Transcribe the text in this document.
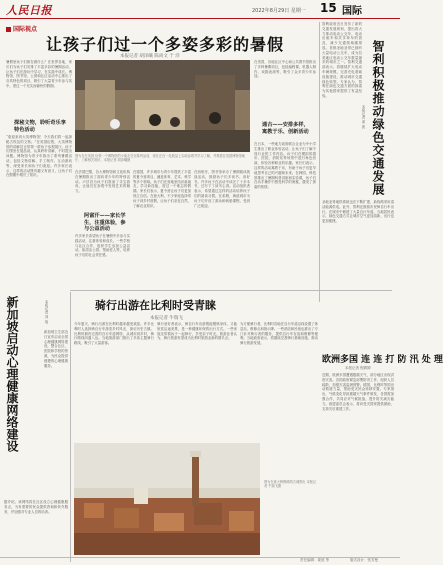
人民日报	2022年8月29日 星期一 15 国际
国际视点
让孩子们过一个多姿多彩的暑假
本报记者 胡泽曦 陈尚文 于 洋
暑假里孩子们都在做什么？在世界各地，家长们为孩子们安排了丰富多彩的暑期活动，让孩子们在游玩中学习，在实践中成长。博物馆、图书馆、公园和社区活动中心推出了各具特色的项目，吸引了大量青少年参与其中，度过一个充实而愉快的假期。
探秘文物，聆听奇乐享特色活动
“欢迎来到大英博物馆！今天我们将一起探秘古埃及的文物。”在英国伦敦，大英博物馆的讲解员正带领一群孩子参观展厅。孩子们围坐在展品前，认真聆听讲解，不时提出问题。博物馆为青少年推出了系列暑期活动，包括文物讲解、手工制作、互动游戏等，深受家长和孩子们欢迎。许多家长表示，这样的活动既有趣又有意义，让孩子们在假期中增长了知识。
图为在在英国 伦敦一个博物馆的小朋友在在陈列品前，现在正在一处展品上实地参观并学习了解，并观看在英国博物馆地厅，了解相关知识，本报记者 胡泽曦摄
在法国巴黎，各大博物馆和文化机构在暑期推出了面向青少年的特别活动。卢浮宫为孩子们准备了寻宝游戏，让他们在参观中发现艺术的魅力。
阿富汗——家长学生，注重体验，参与公益活动
许多家长希望孩子在暑假中多参与实践活动，注重体验和成长。一些学校与社区合作，组织学生参加公益活动，如清洁公园、帮助老人等，培养孩子们的社会责任感。
在德国，许多城市为青少年提供了丰富的夏令营项目，涵盖体育、艺术、科学等多个领域。孩子们在营地里结识新朋友，学习新技能，度过一个难忘的假期。家长们表示，夏令营让孩子们更加独立自信。在意大利，不少家庭选择带孩子到乡村度假，让孩子们亲近自然，了解农业知识。
在西班牙，图书馆举办了暑期阅读挑战活动，鼓励孩子们多读书、读好书。许多孩子在活动中读完了十多本书，还写下了读书心得。活动组织者表示，希望通过这样的活动培养孩子们的阅读习惯。在希腊，海滨城市为孩子们开设了游泳和帆船课程，受到广泛欢迎。
在美国，各地社区中心和公共图书馆推出了多种暑期项目，包括编程课、机器人制作、戏剧表演等，吸引了众多青少年参加。
通古——安排多样，寓教于乐、创新活动
在日本，一些地方政府联合企业为中小学生推出了职业体验活动，让孩子们了解不同行业的工作内容。孩子们在模拟的超市、医院、消防站等场景中进行角色扮演，体验各种职业的乐趣。家长们表示，这样的活动寓教于乐，有助于孩子们更早地思考自己的兴趣和未来。在韩国，科技馆推出了暑期科普讲座和实验课，孩子们在动手操作中感受科学的奥秘，激发了探索的热情。
智利政府近日发布了新的交通发展规划，提出将大力推动电动公交车、电动出租车和共享单车的普及，减少交通领域碳排放。首都圣地亚哥已拥有大量电动公交车，成为拉美地区电动公交车数量最多的城市之一。智利交通部表示，将继续扩大电动车辆规模，完善充电基础设施建设，推动城市交通绿色转型。专家认为，智利在绿色交通方面的探索为其他国家提供了有益经验。	智利积极推动绿色交通发展
本报记者 姜 波
圣地亚哥地铁系统也在不断扩建，新线路采用清洁能源供电。此外，智利还鼓励市民骑自行车出行，在城市中修建了大量自行车道。当地居民表示，绿色交通方式让城市空气更加清新，出行也更加便捷。
新加坡启动心理健康网络建设	本报记者 刘 旭
新加坡卫生部近日宣布启动全国心理健康网络建设，整合社区、医院和学校的资源，为民众提供便捷的心理健康服务。
据介绍，该网络将在社区设立心理健康服务点，为有需要的民众提供咨询和转介服务，并加强对专业人员的培训。
骑行出游在比利时受青睐
本报记者 牛瑞飞
今年夏天，骑行出游在比利时越来越受欢迎。许多比利时人选择骑自行车游览乡村风光，探访历史古镇。比利时拥有完善的自行车道网络，从城市到乡村，骑行路线四通八达。当地旅游部门推出了多条主题骑行路线，吸引了大量游客。
骑行爱好者表示，骑自行车出游既能锻炼身体，又能欣赏沿途美景，是一种健康环保的出行方式。一些家庭还带着孩子一起骑行，享受亲子时光。旅游业者认为，骑行旅游有望成为比利时旅游业新的增长点。
为方便骑行者，比利时各地在自行车道沿线设置了休息站、维修点和指示牌。一些酒店和民宿也推出了专门针对骑行者的服务，提供自行车存放和维修等便利。当地政府表示，将继续完善骑行基础设施，推动骑行旅游发展。
欧洲多国 连 连 打 防 汛 处 理
本报记者 程娉娉
近期，欧洲多国遭遇极端天气，部分地区出现洪涝灾害。各国政府紧急部署防汛工作，组织人员疏散，加强灾害监测预警。德国、比利时等国出动救援力量，帮助受灾民众转移安置。专家指出，气候变化导致极端天气事件频发，各国需加强合作，共同应对气候挑战，提升防灾减灾能力。欧盟委员会表示，将向受灾国家提供援助，支持灾后重建工作。
图为在意大利锡耶纳古城景色 本报记者 牛瑞飞摄
责任编辑：姜波 等	版式设计：张芳曼
